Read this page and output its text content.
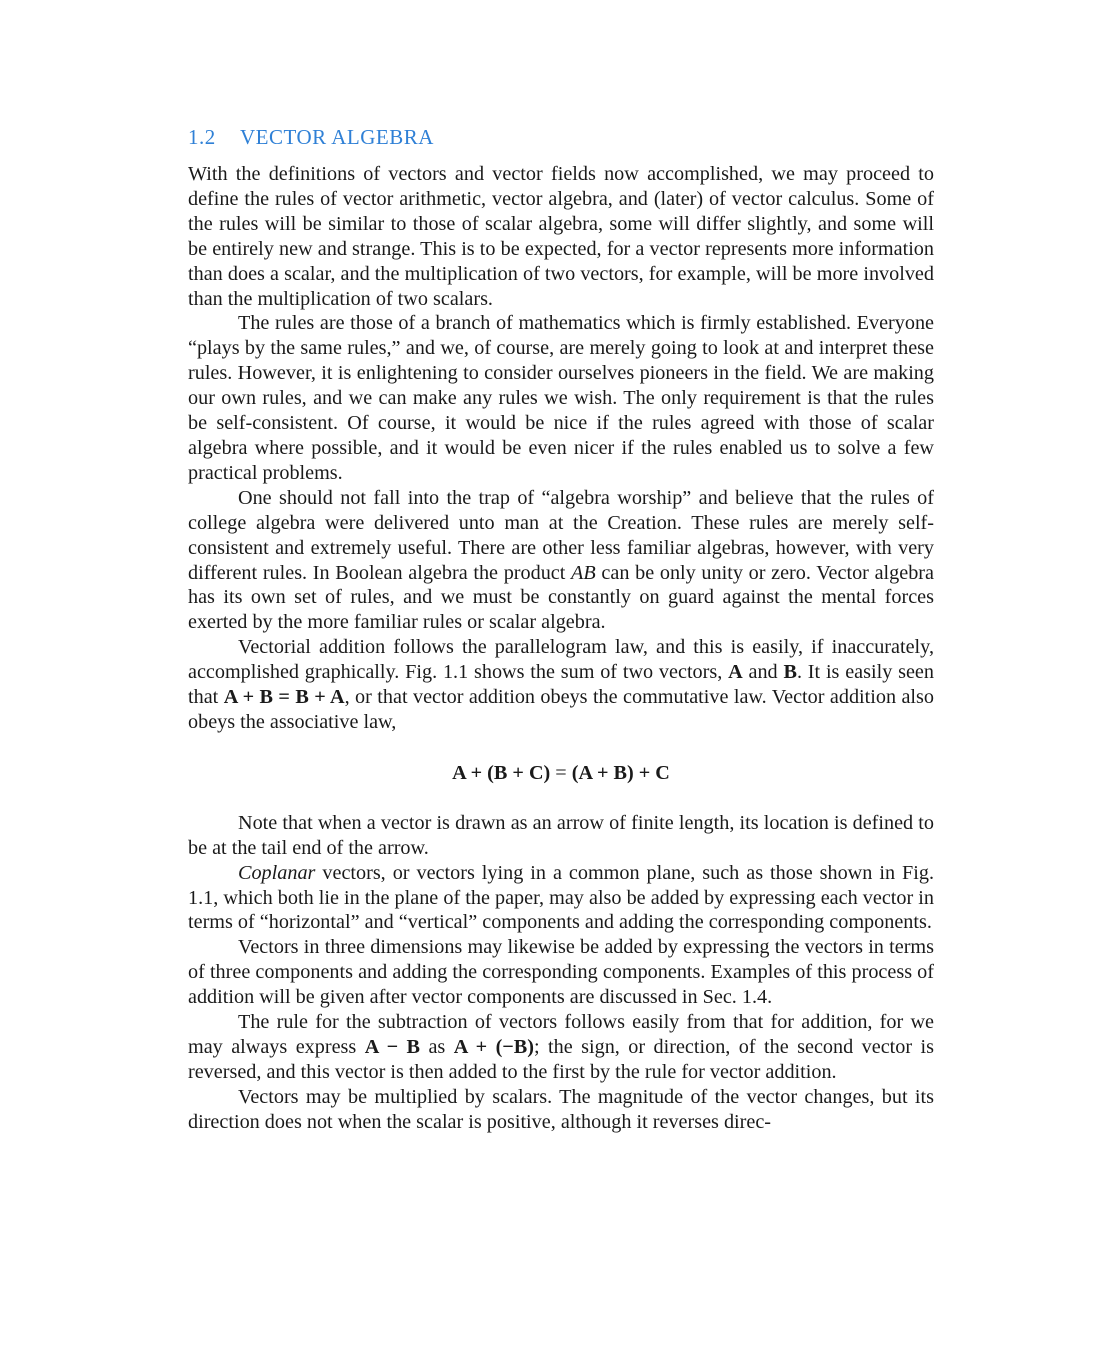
1.2 VECTOR ALGEBRA

With the definitions of vectors and vector fields now accomplished, we may proceed to define the rules of vector arithmetic, vector algebra, and (later) of vector calculus. Some of the rules will be similar to those of scalar algebra, some will differ slightly, and some will be entirely new and strange. This is to be expected, for a vector represents more information than does a scalar, and the multiplication of two vectors, for example, will be more involved than the multiplication of two scalars.

The rules are those of a branch of mathematics which is firmly established. Everyone “plays by the same rules,” and we, of course, are merely going to look at and interpret these rules. However, it is enlightening to consider ourselves pioneers in the field. We are making our own rules, and we can make any rules we wish. The only requirement is that the rules be self-consistent. Of course, it would be nice if the rules agreed with those of scalar algebra where possible, and it would be even nicer if the rules enabled us to solve a few practical problems.

One should not fall into the trap of “algebra worship” and believe that the rules of college algebra were delivered unto man at the Creation. These rules are merely self-consistent and extremely useful. There are other less familiar algebras, however, with very different rules. In Boolean algebra the product AB can be only unity or zero. Vector algebra has its own set of rules, and we must be constantly on guard against the mental forces exerted by the more familiar rules or scalar algebra.

Vectorial addition follows the parallelogram law, and this is easily, if inaccurately, accomplished graphically. Fig. 1.1 shows the sum of two vectors, A and B. It is easily seen that A + B = B + A, or that vector addition obeys the commutative law. Vector addition also obeys the associative law,

A + (B + C) = (A + B) + C

Note that when a vector is drawn as an arrow of finite length, its location is defined to be at the tail end of the arrow.

Coplanar vectors, or vectors lying in a common plane, such as those shown in Fig. 1.1, which both lie in the plane of the paper, may also be added by expressing each vector in terms of “horizontal” and “vertical” components and adding the corresponding components.

Vectors in three dimensions may likewise be added by expressing the vectors in terms of three components and adding the corresponding components. Examples of this process of addition will be given after vector components are discussed in Sec. 1.4.

The rule for the subtraction of vectors follows easily from that for addition, for we may always express A − B as A + (−B); the sign, or direction, of the second vector is reversed, and this vector is then added to the first by the rule for vector addition.

Vectors may be multiplied by scalars. The magnitude of the vector changes, but its direction does not when the scalar is positive, although it reverses direc-
